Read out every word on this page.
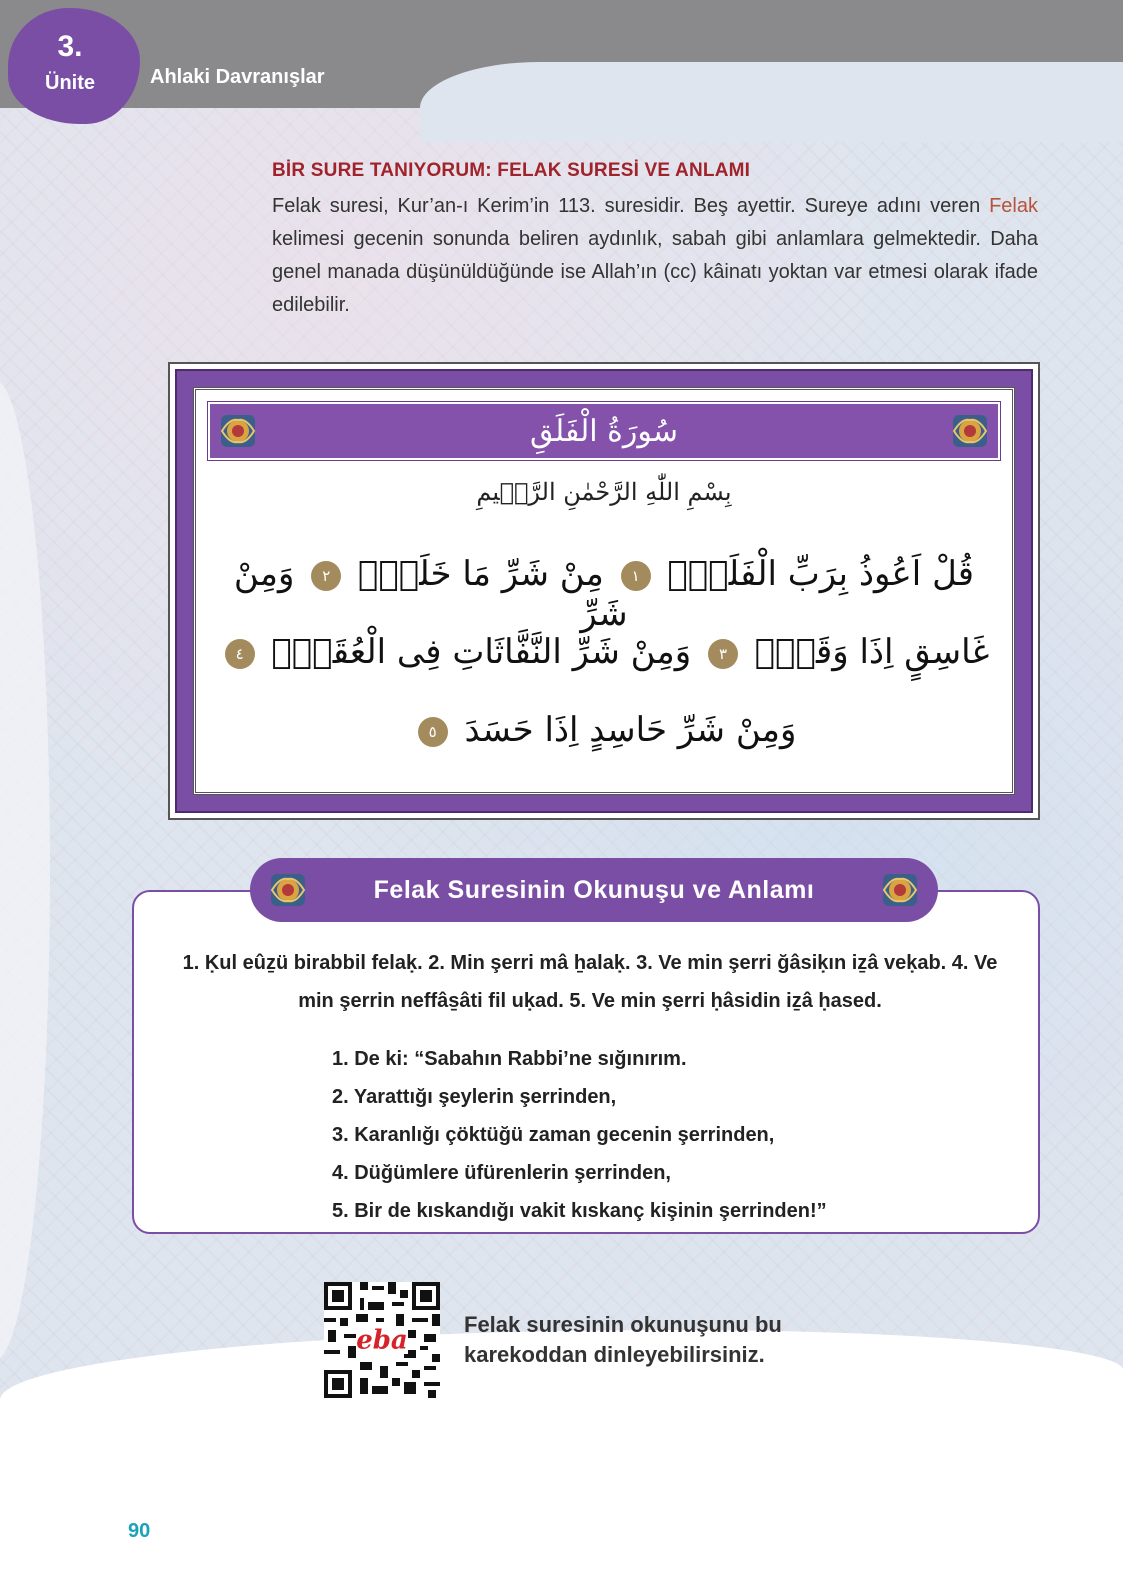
Ahlaki Davranışlar
3.
Ünite
BİR SURE TANIYORUM: FELAK SURESİ VE ANLAMI

Felak suresi, Kur’an-ı Kerim’in 113. suresidir. Beş ayettir. Sureye adını veren Felak kelimesi gecenin sonunda beliren aydınlık, sabah gibi anlamlara gelmektedir. Daha genel manada düşünüldüğünde ise Allah’ın (cc) kâinatı yoktan var etmesi olarak ifade edilebilir.

سُورَةُ الْفَلَقِ
بِسْمِ اللّٰهِ الرَّحْمٰنِ الرَّح۪يمِ
قُلْ اَعُوذُ بِرَبِّ الْفَلَقِۙ ١ مِنْ شَرِّ مَا خَلَقَۙ ٢ وَمِنْ شَرِّ
غَاسِقٍ اِذَا وَقَبَۙ ٣ وَمِنْ شَرِّ النَّفَّاثَاتِ فِى الْعُقَدِۙ ٤
وَمِنْ شَرِّ حَاسِدٍ اِذَا حَسَدَ ٥
Felak Suresinin Okunuşu ve Anlamı

1. Ḳul eûẕü birabbil felaḳ. 2. Min şerri mâ ẖalaḳ. 3. Ve min şerri ğâsiḳın iẕâ veḳab. 4. Ve min şerrin neffâs̱âti fil uḳad. 5. Ve min şerri ḥâsidin iẕâ ḥased.

1. De ki: “Sabahın Rabbi’ne sığınırım.
2. Yarattığı şeylerin şerrinden,
3. Karanlığı çöktüğü zaman gecenin şerrinden,
4. Düğümlere üfürenlerin şerrinden,
5. Bir de kıskandığı vakit kıskanç kişinin şerrinden!”
eba
Felak suresinin okunuşunu bu karekoddan dinleyebilirsiniz.
90
